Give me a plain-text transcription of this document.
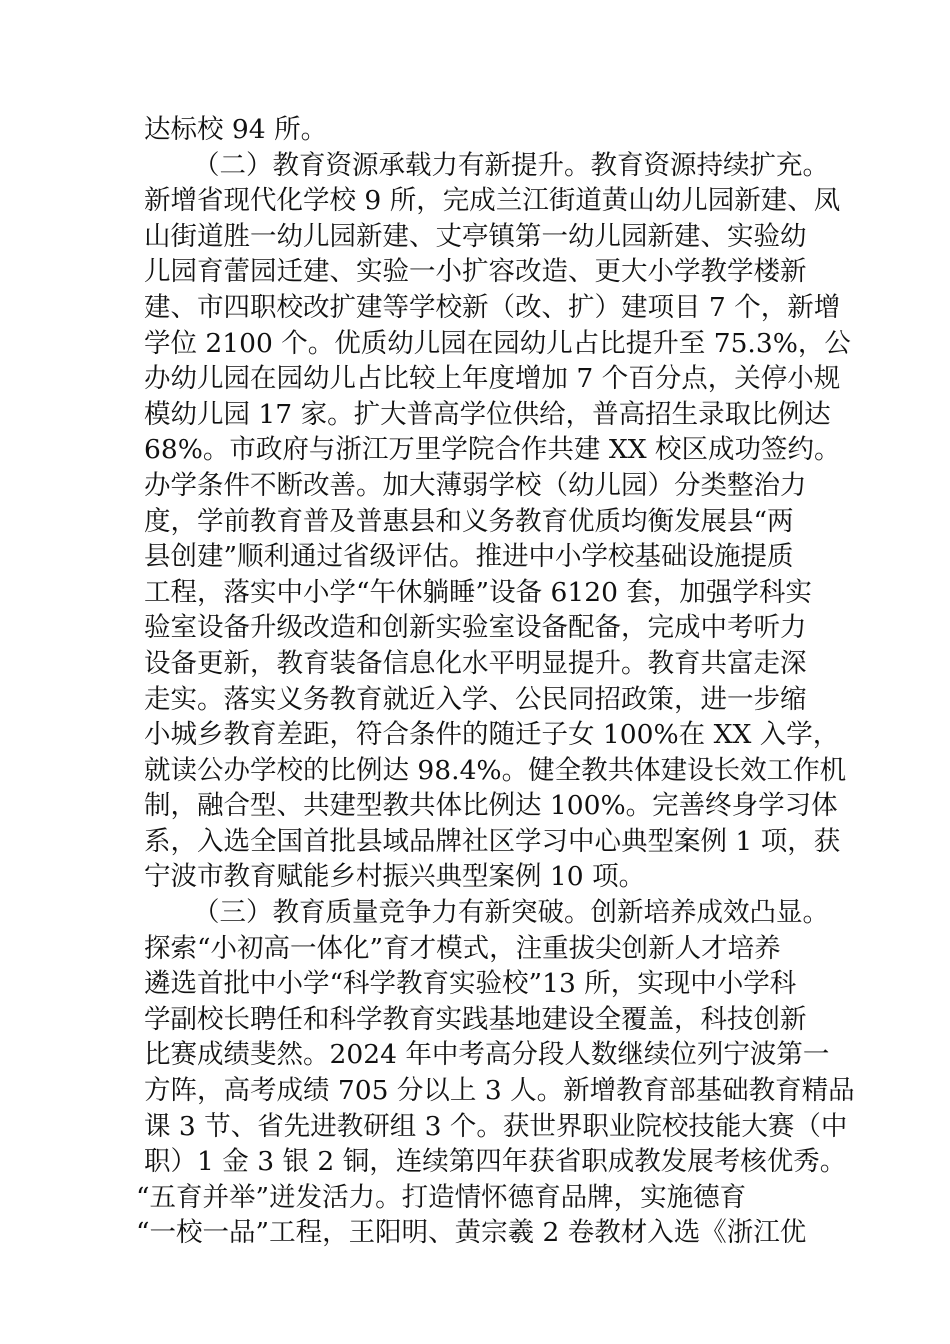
达标校 94 所。
（二）教育资源承载力有新提升。教育资源持续扩充。
新增省现代化学校 9 所，完成兰江街道黄山幼儿园新建、凤
山街道胜一幼儿园新建、丈亭镇第一幼儿园新建、实验幼
儿园育蕾园迁建、实验一小扩容改造、更大小学教学楼新
建、市四职校改扩建等学校新（改、扩）建项目 7 个，新增
学位 2100 个。优质幼儿园在园幼儿占比提升至 75.3%，公
办幼儿园在园幼儿占比较上年度增加 7 个百分点，关停小规
模幼儿园 17 家。扩大普高学位供给，普高招生录取比例达
68%。市政府与浙江万里学院合作共建 XX 校区成功签约。
办学条件不断改善。加大薄弱学校（幼儿园）分类整治力
度，学前教育普及普惠县和义务教育优质均衡发展县“两
县创建”顺利通过省级评估。推进中小学校基础设施提质
工程，落实中小学“午休躺睡”设备 6120 套，加强学科实
验室设备升级改造和创新实验室设备配备，完成中考听力
设备更新，教育装备信息化水平明显提升。教育共富走深
走实。落实义务教育就近入学、公民同招政策，进一步缩
小城乡教育差距，符合条件的随迁子女 100%在 XX 入学，
就读公办学校的比例达 98.4%。健全教共体建设长效工作机
制，融合型、共建型教共体比例达 100%。完善终身学习体
系，入选全国首批县域品牌社区学习中心典型案例 1 项，获
宁波市教育赋能乡村振兴典型案例 10 项。
（三）教育质量竞争力有新突破。创新培养成效凸显。
探索“小初高一体化”育才模式，注重拔尖创新人才培养
遴选首批中小学“科学教育实验校”13 所，实现中小学科
学副校长聘任和科学教育实践基地建设全覆盖，科技创新
比赛成绩斐然。2024 年中考高分段人数继续位列宁波第一
方阵，高考成绩 705 分以上 3 人。新增教育部基础教育精品
课 3 节、省先进教研组 3 个。获世界职业院校技能大赛（中
职）1 金 3 银 2 铜，连续第四年获省职成教发展考核优秀。
“五育并举”迸发活力。打造情怀德育品牌，实施德育
“一校一品”工程，王阳明、黄宗羲 2 卷教材入选《浙江优
